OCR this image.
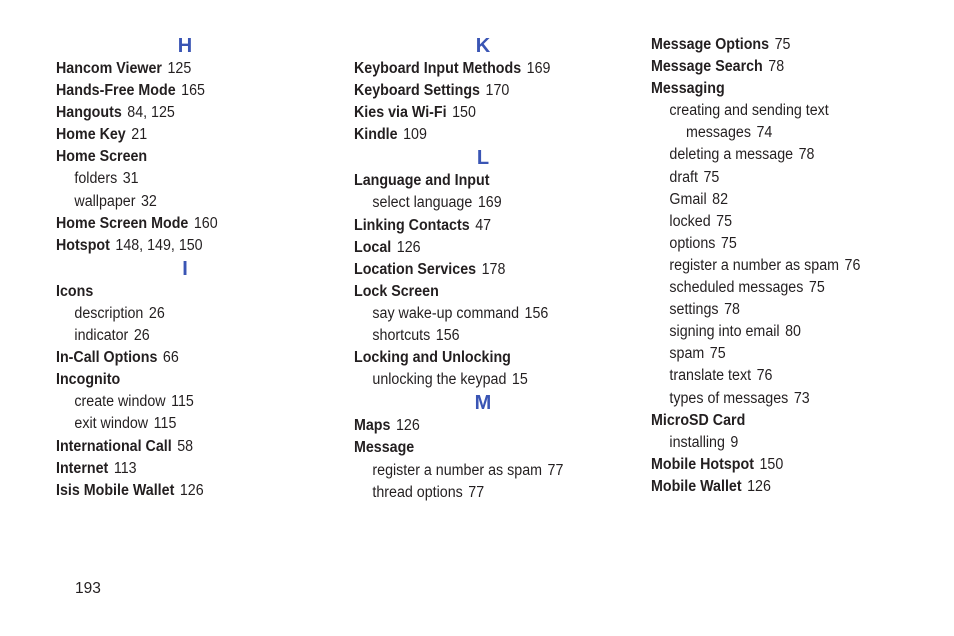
H
Hancom Viewer 125
Hands-Free Mode 165
Hangouts 84, 125
Home Key 21
Home Screen
folders 31
wallpaper 32
Home Screen Mode 160
Hotspot 148, 149, 150
I
Icons
description 26
indicator 26
In-Call Options 66
Incognito
create window 115
exit window 115
International Call 58
Internet 113
Isis Mobile Wallet 126
K
Keyboard Input Methods 169
Keyboard Settings 170
Kies via Wi-Fi 150
Kindle 109
L
Language and Input
select language 169
Linking Contacts 47
Local 126
Location Services 178
Lock Screen
say wake-up command 156
shortcuts 156
Locking and Unlocking
unlocking the keypad 15
M
Maps 126
Message
register a number as spam 77
thread options 77
Message Options 75
Message Search 78
Messaging
creating and sending text
messages 74
deleting a message 78
draft 75
Gmail 82
locked 75
options 75
register a number as spam 76
scheduled messages 75
settings 78
signing into email 80
spam 75
translate text 76
types of messages 73
MicroSD Card
installing 9
Mobile Hotspot 150
Mobile Wallet 126
193
